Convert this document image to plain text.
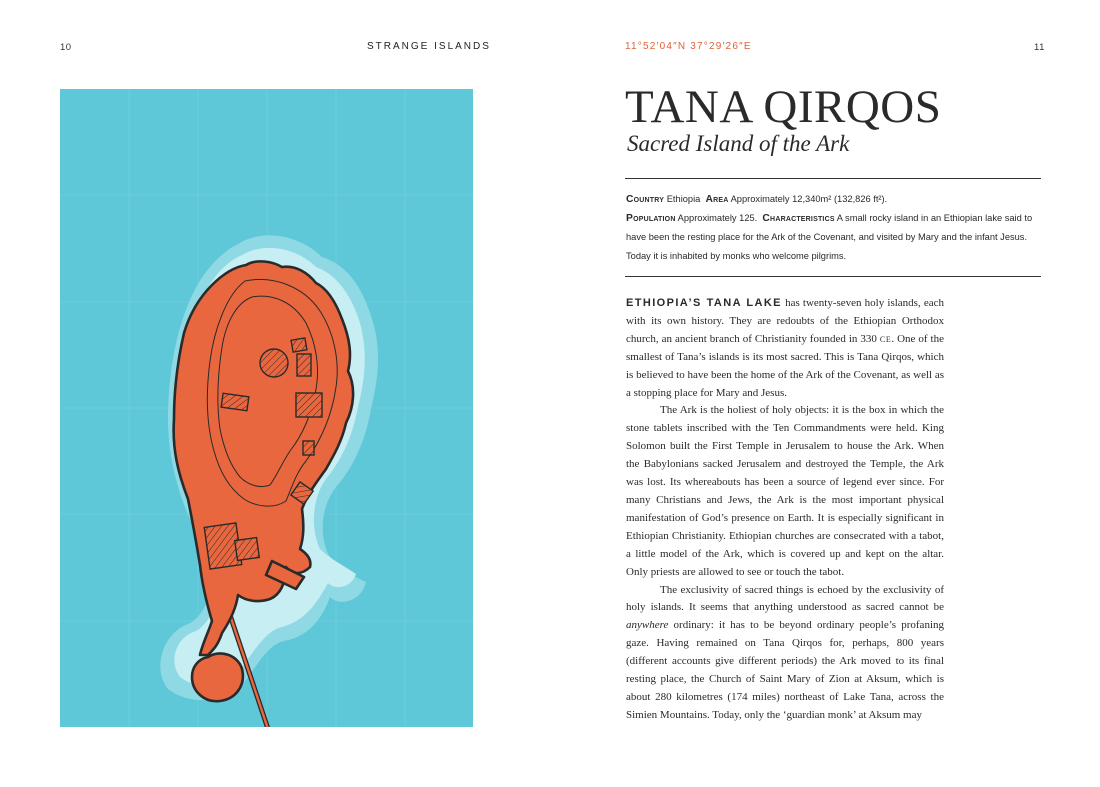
10	STRANGE ISLANDS	11°52′04″N 37°29′26″E	11
TANA QIRQOS
Sacred Island of the Ark
Country Ethiopia Area Approximately 12,340m² (132,826 ft²).
Population Approximately 125. Characteristics A small rocky island in an Ethiopian lake said to have been the resting place for the Ark of the Covenant, and visited by Mary and the infant Jesus. Today it is inhabited by monks who welcome pilgrims.

ETHIOPIA’S TANA LAKE has twenty-seven holy islands, each with its own history. They are redoubts of the Ethiopian Orthodox church, an ancient branch of Christianity founded in 330 CE. One of the smallest of Tana’s islands is its most sacred. This is Tana Qirqos, which is believed to have been the home of the Ark of the Covenant, as well as a stopping place for Mary and Jesus.

The Ark is the holiest of holy objects: it is the box in which the stone tablets inscribed with the Ten Commandments were held. King Solomon built the First Temple in Jerusalem to house the Ark. When the Babylonians sacked Jerusalem and destroyed the Temple, the Ark was lost. Its whereabouts has been a source of legend ever since. For many Christians and Jews, the Ark is the most important physical manifestation of God’s presence on Earth. It is especially significant in Ethiopian Christianity. Ethiopian churches are consecrated with a tabot, a little model of the Ark, which is covered up and kept on the altar. Only priests are allowed to see or touch the tabot.

The exclusivity of sacred things is echoed by the exclusivity of holy islands. It seems that anything understood as sacred cannot be anywhere ordinary: it has to be beyond ordinary people’s profaning gaze. Having remained on Tana Qirqos for, perhaps, 800 years (different accounts give different periods) the Ark moved to its final resting place, the Church of Saint Mary of Zion at Aksum, which is about 280 kilometres (174 miles) northeast of Lake Tana, across the Simien Mountains. Today, only the ‘guardian monk’ at Aksum may
